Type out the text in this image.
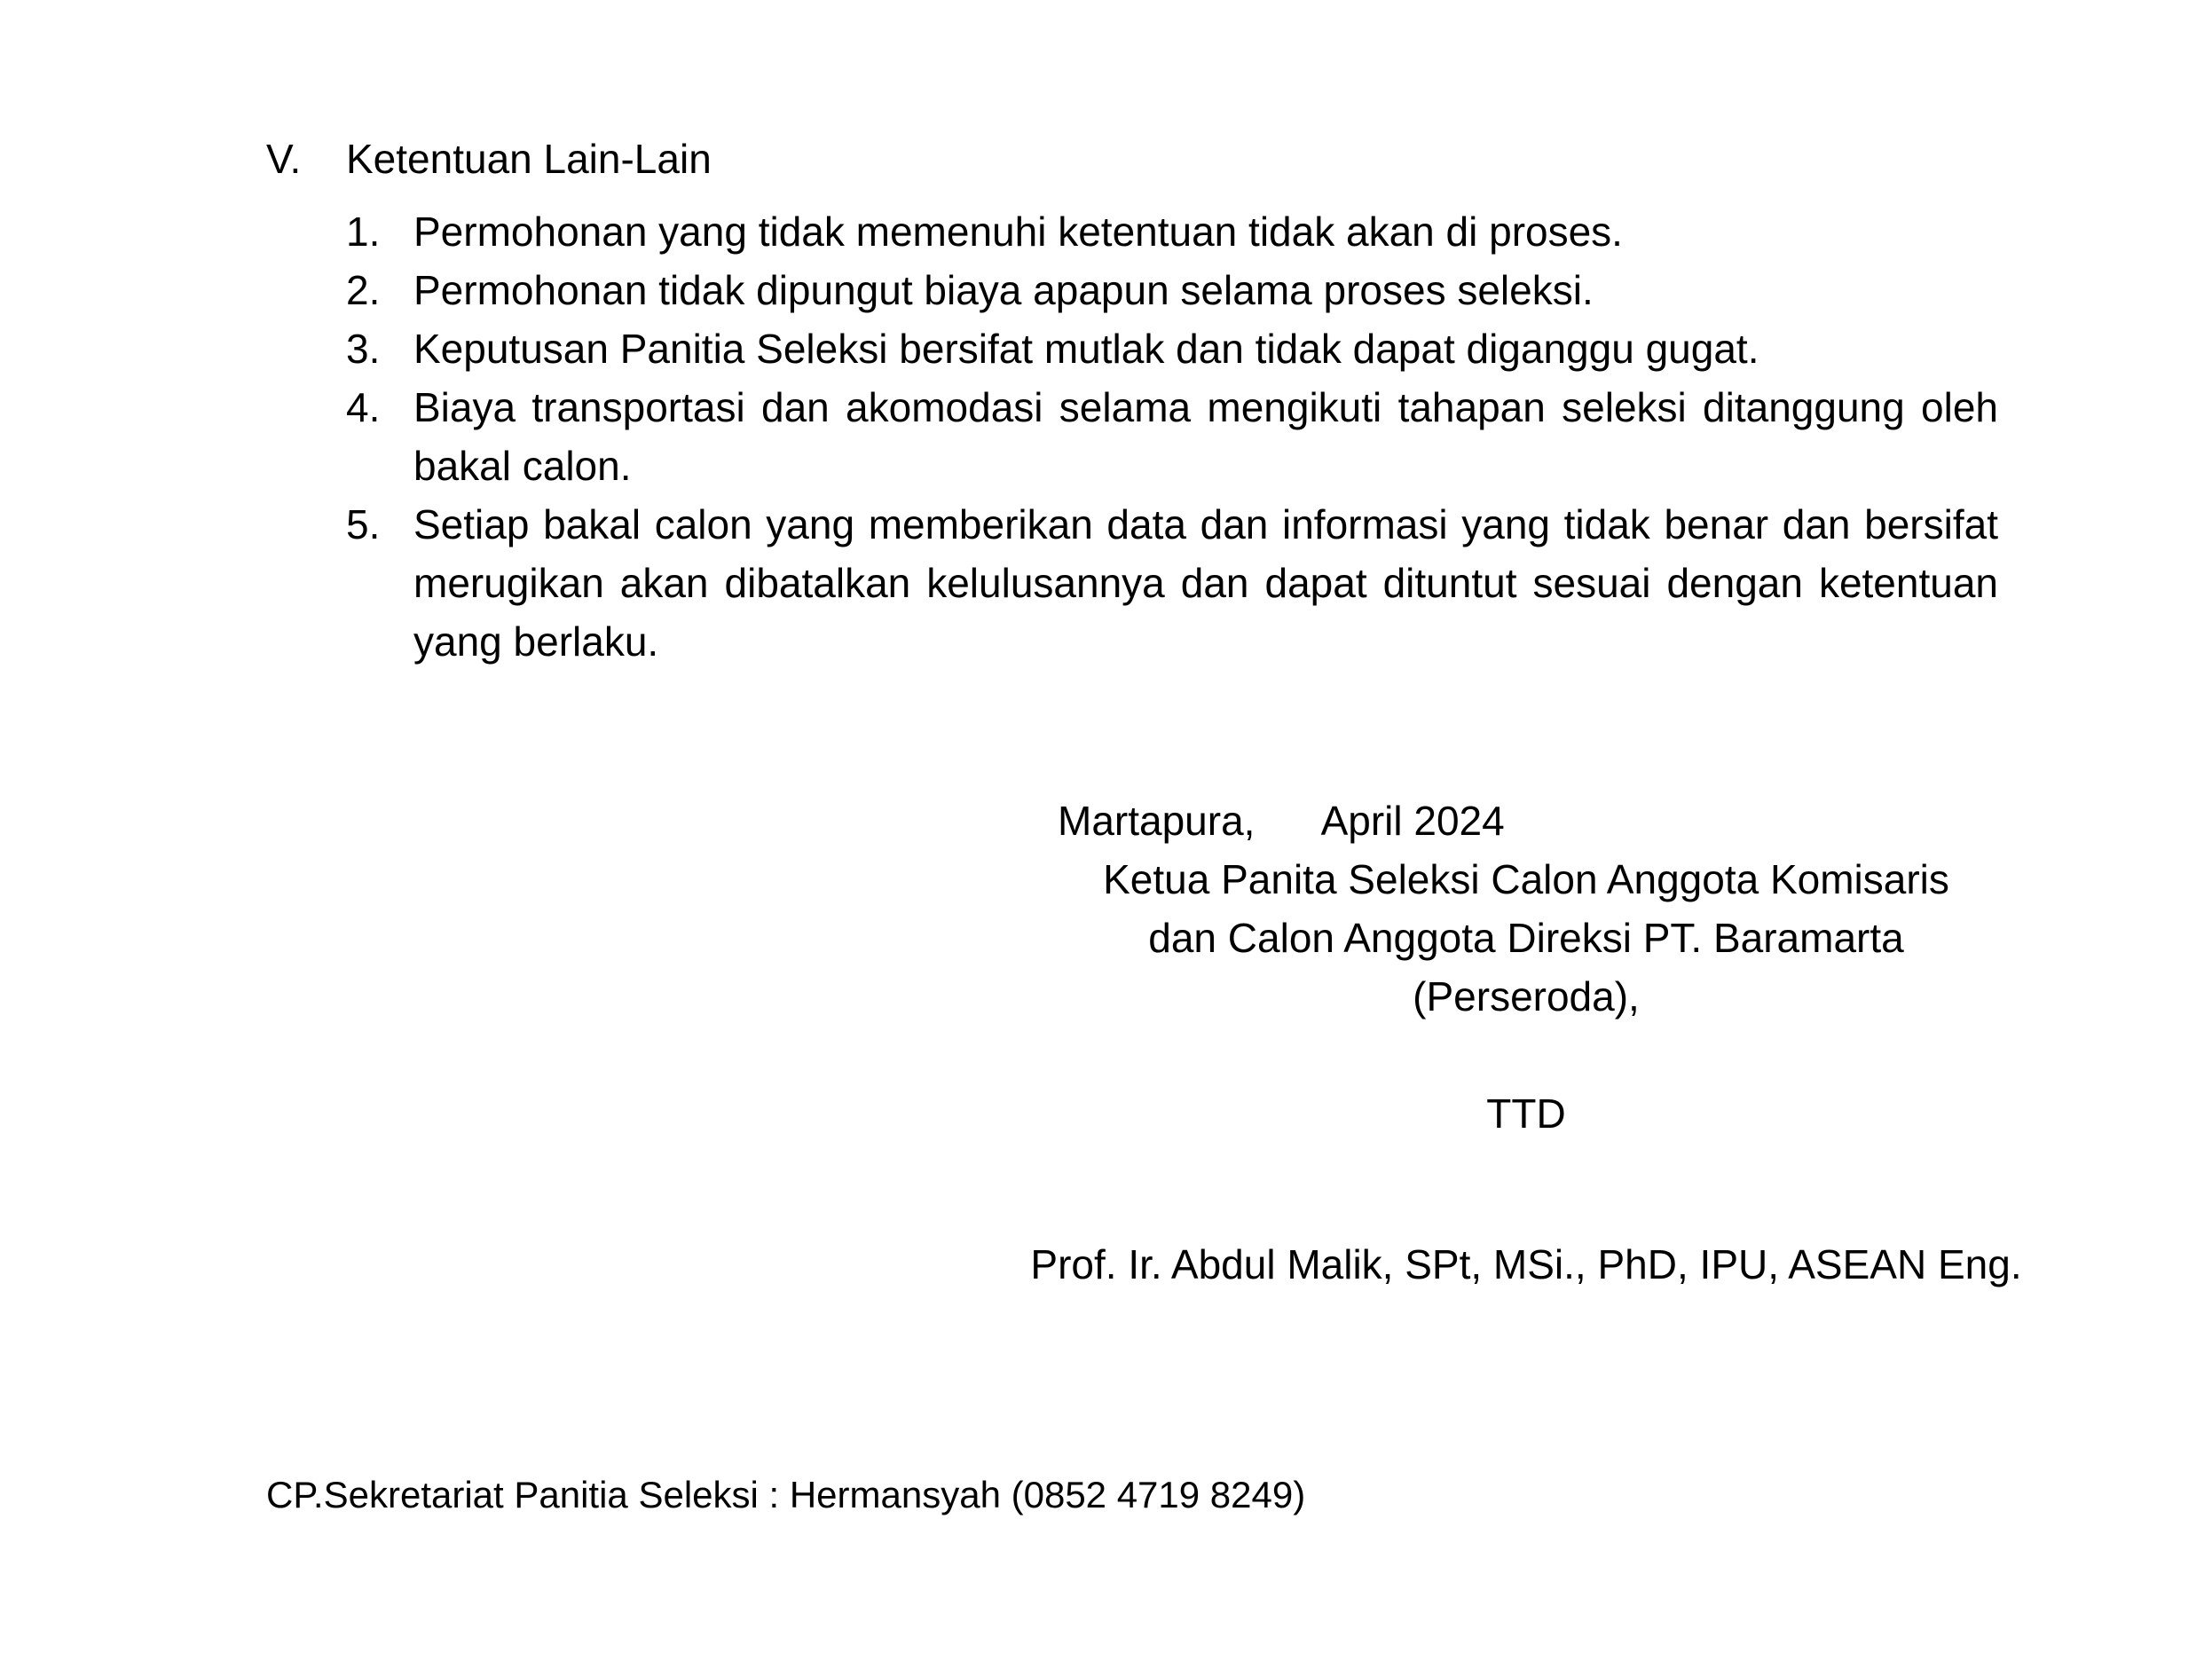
V. Ketentuan Lain-Lain
1. Permohonan yang tidak memenuhi ketentuan tidak akan di proses.
2. Permohonan tidak dipungut biaya apapun selama proses seleksi.
3. Keputusan Panitia Seleksi bersifat mutlak dan tidak dapat diganggu gugat.
4. Biaya transportasi dan akomodasi selama mengikuti tahapan seleksi ditanggung oleh bakal calon.
5. Setiap bakal calon yang memberikan data dan informasi yang tidak benar dan bersifat merugikan akan dibatalkan kelulusannya dan dapat dituntut sesuai dengan ketentuan yang berlaku.
Martapura,      April 2024
Ketua Panita Seleksi Calon Anggota Komisaris
dan Calon Anggota Direksi PT. Baramarta
(Perseroda),
TTD
Prof. Ir. Abdul Malik, SPt, MSi., PhD, IPU, ASEAN Eng.
CP.Sekretariat Panitia Seleksi : Hermansyah (0852 4719 8249)
